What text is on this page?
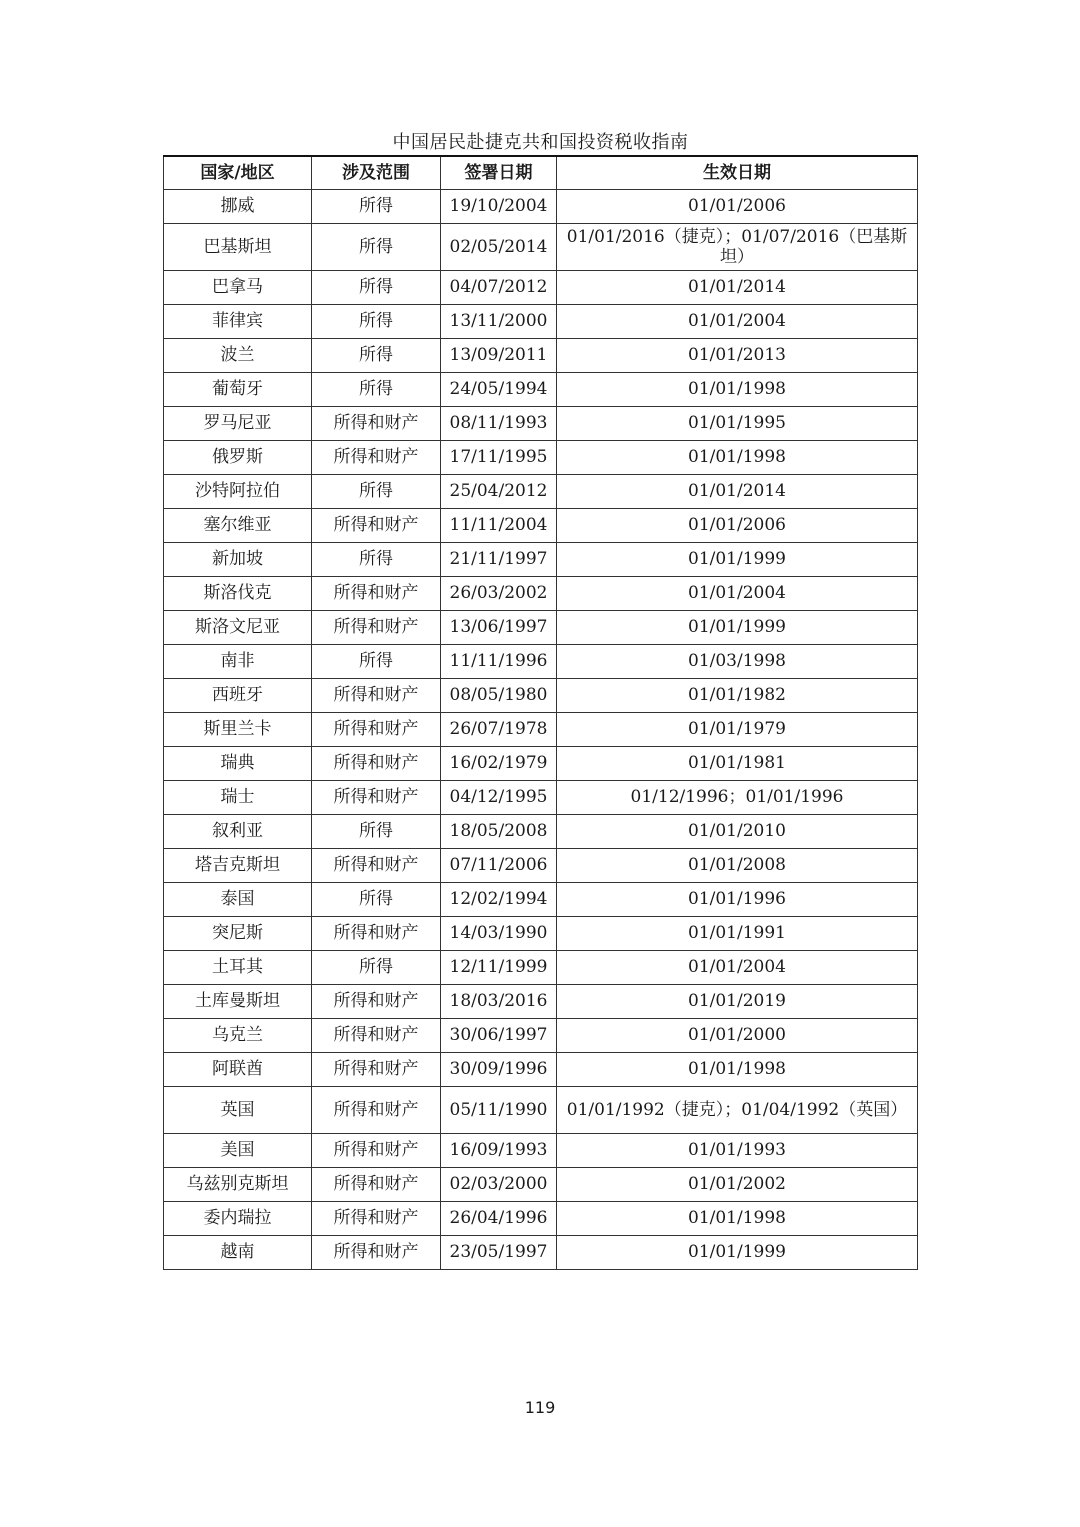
中国居民赴捷克共和国投资税收指南
国家/地区	涉及范围	签署日期	生效日期
挪威	所得	19/10/2004	01/01/2006
巴基斯坦	所得	02/05/2014	01/01/2016（捷克）；01/07/2016（巴基斯坦）
巴拿马	所得	04/07/2012	01/01/2014
菲律宾	所得	13/11/2000	01/01/2004
波兰	所得	13/09/2011	01/01/2013
葡萄牙	所得	24/05/1994	01/01/1998
罗马尼亚	所得和财产	08/11/1993	01/01/1995
俄罗斯	所得和财产	17/11/1995	01/01/1998
沙特阿拉伯	所得	25/04/2012	01/01/2014
塞尔维亚	所得和财产	11/11/2004	01/01/2006
新加坡	所得	21/11/1997	01/01/1999
斯洛伐克	所得和财产	26/03/2002	01/01/2004
斯洛文尼亚	所得和财产	13/06/1997	01/01/1999
南非	所得	11/11/1996	01/03/1998
西班牙	所得和财产	08/05/1980	01/01/1982
斯里兰卡	所得和财产	26/07/1978	01/01/1979
瑞典	所得和财产	16/02/1979	01/01/1981
瑞士	所得和财产	04/12/1995	01/12/1996；01/01/1996
叙利亚	所得	18/05/2008	01/01/2010
塔吉克斯坦	所得和财产	07/11/2006	01/01/2008
泰国	所得	12/02/1994	01/01/1996
突尼斯	所得和财产	14/03/1990	01/01/1991
土耳其	所得	12/11/1999	01/01/2004
土库曼斯坦	所得和财产	18/03/2016	01/01/2019
乌克兰	所得和财产	30/06/1997	01/01/2000
阿联酋	所得和财产	30/09/1996	01/01/1998
英国	所得和财产	05/11/1990	01/01/1992（捷克）；01/04/1992（英国）
美国	所得和财产	16/09/1993	01/01/1993
乌兹别克斯坦	所得和财产	02/03/2000	01/01/2002
委内瑞拉	所得和财产	26/04/1996	01/01/1998
越南	所得和财产	23/05/1997	01/01/1999
119
